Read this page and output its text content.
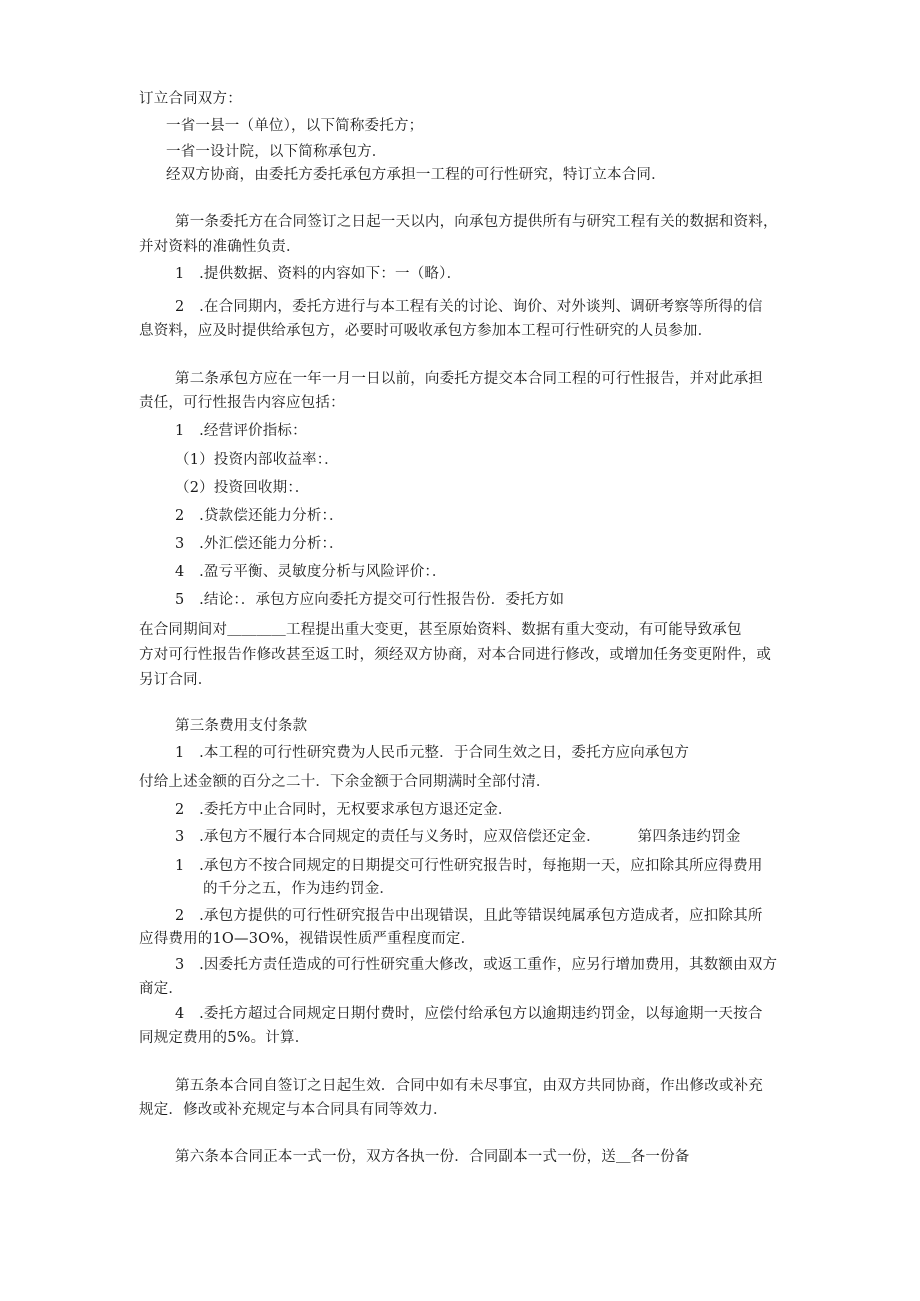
订立合同双方：
一省一县一（单位），以下简称委托方；
一省一设计院，以下简称承包方．
经双方协商，由委托方委托承包方承担一工程的可行性研究，特订立本合同．
第一条委托方在合同签订之日起一天以内，向承包方提供所有与研究工程有关的数据和资料，
并对资料的准确性负责．
1　.提供数据、资料的内容如下：一（略）．
2　.在合同期内，委托方进行与本工程有关的讨论、询价、对外谈判、调研考察等所得的信
息资料，应及时提供给承包方，必要时可吸收承包方参加本工程可行性研究的人员参加．
第二条承包方应在一年一月一日以前，向委托方提交本合同工程的可行性报告，并对此承担
责任，可行性报告内容应包括：
1　.经营评价指标：
（1）投资内部收益率：．
（2）投资回收期：．
2　.贷款偿还能力分析：．
3　.外汇偿还能力分析：．
4　.盈亏平衡、灵敏度分析与风险评价：．
5　.结论：．承包方应向委托方提交可行性报告份．委托方如
在合同期间对＿＿＿＿工程提出重大变更，甚至原始资料、数据有重大变动，有可能导致承包
方对可行性报告作修改甚至返工时，须经双方协商，对本合同进行修改，或增加任务变更附件，或
另订合同．
第三条费用支付条款
1　.本工程的可行性研究费为人民币元整．于合同生效之日，委托方应向承包方
付给上述金额的百分之二十．下余金额于合同期满时全部付清．
2　.委托方中止合同时，无权要求承包方退还定金．
3　.承包方不履行本合同规定的责任与义务时，应双倍偿还定金．　　　第四条违约罚金
1　.承包方不按合同规定的日期提交可行性研究报告时，每拖期一天，应扣除其所应得费用
的千分之五，作为违约罚金．
2　.承包方提供的可行性研究报告中出现错误，且此等错误纯属承包方造成者，应扣除其所
应得费用的1O—3O%，视错误性质严重程度而定．
3　.因委托方责任造成的可行性研究重大修改，或返工重作，应另行增加费用，其数额由双方
商定．
4　.委托方超过合同规定日期付费时，应偿付给承包方以逾期违约罚金，以每逾期一天按合
同规定费用的5%。计算．
第五条本合同自签订之日起生效．合同中如有未尽事宜，由双方共同协商，作出修改或补充
规定．修改或补充规定与本合同具有同等效力．
第六条本合同正本一式一份，双方各执一份．合同副本一式一份，送＿各一份备
